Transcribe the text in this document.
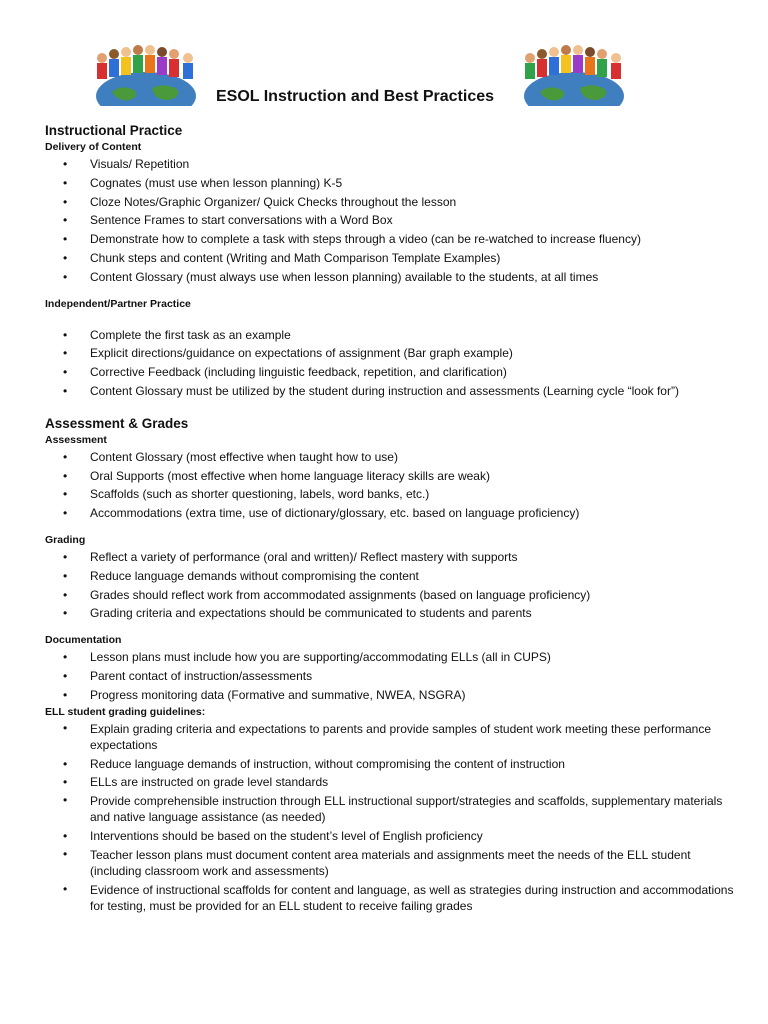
ESOL Instruction and Best Practices
Instructional Practice
Delivery of Content
• Visuals/ Repetition
• Cognates (must use when lesson planning) K-5
• Cloze Notes/Graphic Organizer/ Quick Checks throughout the lesson
• Sentence Frames to start conversations with a Word Box
• Demonstrate how to complete a task with steps through a video (can be re-watched to increase fluency)
• Chunk steps and content (Writing and Math Comparison Template Examples)
• Content Glossary (must always use when lesson planning) available to the students, at all times
Independent/Partner Practice
• Complete the first task as an example
• Explicit directions/guidance on expectations of assignment (Bar graph example)
• Corrective Feedback (including linguistic feedback, repetition, and clarification)
• Content Glossary must be utilized by the student during instruction and assessments (Learning cycle “look for”)
Assessment & Grades
Assessment
• Content Glossary (most effective when taught how to use)
• Oral Supports (most effective when home language literacy skills are weak)
• Scaffolds (such as shorter questioning, labels, word banks, etc.)
• Accommodations (extra time, use of dictionary/glossary, etc. based on language proficiency)
Grading
• Reflect a variety of performance (oral and written)/ Reflect mastery with supports
• Reduce language demands without compromising the content
• Grades should reflect work from accommodated assignments (based on language proficiency)
• Grading criteria and expectations should be communicated to students and parents
Documentation
• Lesson plans must include how you are supporting/accommodating ELLs (all in CUPS)
• Parent contact of instruction/assessments
• Progress monitoring data (Formative and summative, NWEA, NSGRA)
ELL student grading guidelines:
• Explain grading criteria and expectations to parents and provide samples of student work meeting these performance expectations
• Reduce language demands of instruction, without compromising the content of instruction
• ELLs are instructed on grade level standards
• Provide comprehensible instruction through ELL instructional support/strategies and scaffolds, supplementary materials and native language assistance (as needed)
• Interventions should be based on the student’s level of English proficiency
• Teacher lesson plans must document content area materials and assignments meet the needs of the ELL student (including classroom work and assessments)
• Evidence of instructional scaffolds for content and language, as well as strategies during instruction and accommodations for testing, must be provided for an ELL student to receive failing grades
